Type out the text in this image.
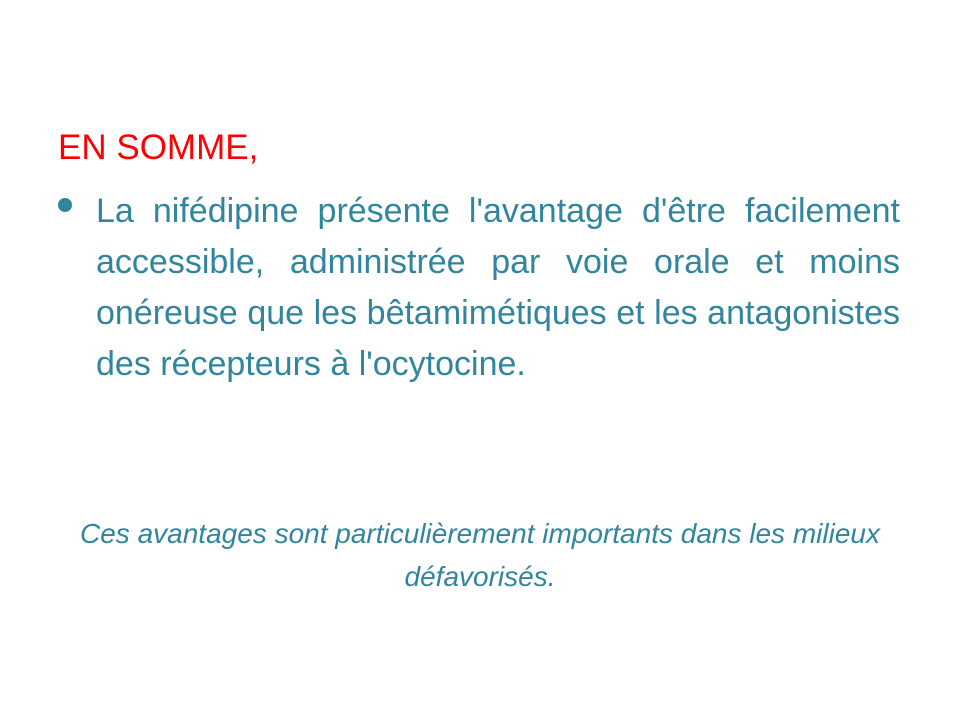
EN SOMME,
La nifédipine présente l'avantage d'être facilement accessible, administrée par voie orale et moins onéreuse que les bêtamimétiques et les antagonistes des récepteurs à l'ocytocine.
Ces avantages sont particulièrement importants dans les milieux défavorisés.
